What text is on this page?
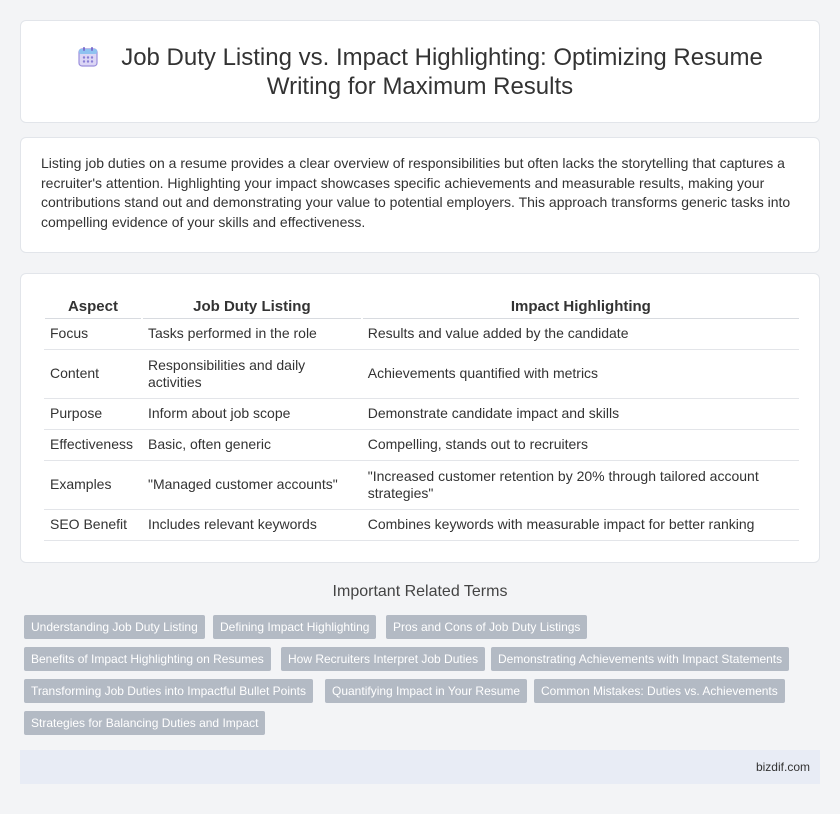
Job Duty Listing vs. Impact Highlighting: Optimizing Resume Writing for Maximum Results

Listing job duties on a resume provides a clear overview of responsibilities but often lacks the storytelling that captures a recruiter's attention. Highlighting your impact showcases specific achievements and measurable results, making your contributions stand out and demonstrating your value to potential employers. This approach transforms generic tasks into compelling evidence of your skills and effectiveness.

Aspect	Job Duty Listing	Impact Highlighting
Focus	Tasks performed in the role	Results and value added by the candidate
Content	Responsibilities and daily activities	Achievements quantified with metrics
Purpose	Inform about job scope	Demonstrate candidate impact and skills
Effectiveness	Basic, often generic	Compelling, stands out to recruiters
Examples	"Managed customer accounts"	"Increased customer retention by 20% through tailored account strategies"
SEO Benefit	Includes relevant keywords	Combines keywords with measurable impact for better ranking
Important Related Terms
Understanding Job Duty Listing	Defining Impact Highlighting	Pros and Cons of Job Duty Listings
Benefits of Impact Highlighting on Resumes	How Recruiters Interpret Job Duties	Demonstrating Achievements with Impact Statements
Transforming Job Duties into Impactful Bullet Points	Quantifying Impact in Your Resume	Common Mistakes: Duties vs. Achievements
Strategies for Balancing Duties and Impact
bizdif.com
